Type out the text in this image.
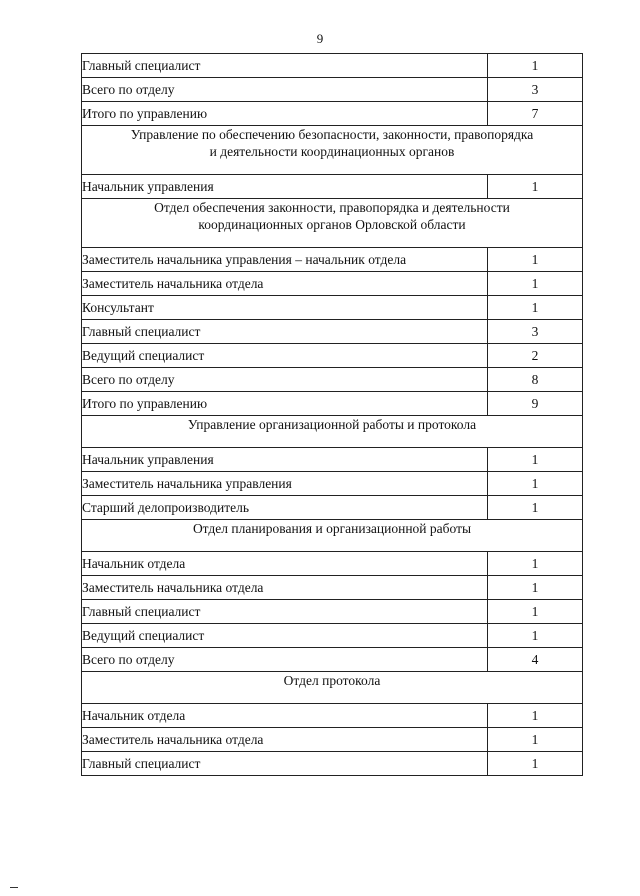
9
Главный специалист	1
Всего по отделу	3
Итого по управлению	7

Управление по обеспечению безопасности, законности, правопорядка
и деятельности координационных органов	

Начальник управления	1

Отдел обеспечения законности, правопорядка и деятельности
координационных органов Орловской области	

Заместитель начальника управления – начальник отдела	1
Заместитель начальника отдела	1
Консультант	1
Главный специалист	3
Ведущий специалист	2
Всего по отделу	8
Итого по управлению	9

Управление организационной работы и протокола	

Начальник управления	1
Заместитель начальника управления	1
Старший делопроизводитель	1

Отдел планирования и организационной работы	

Начальник отдела	1
Заместитель начальника отдела	1
Главный специалист	1
Ведущий специалист	1
Всего по отделу	4

Отдел протокола	

Начальник отдела	1
Заместитель начальника отдела	1
Главный специалист	1
